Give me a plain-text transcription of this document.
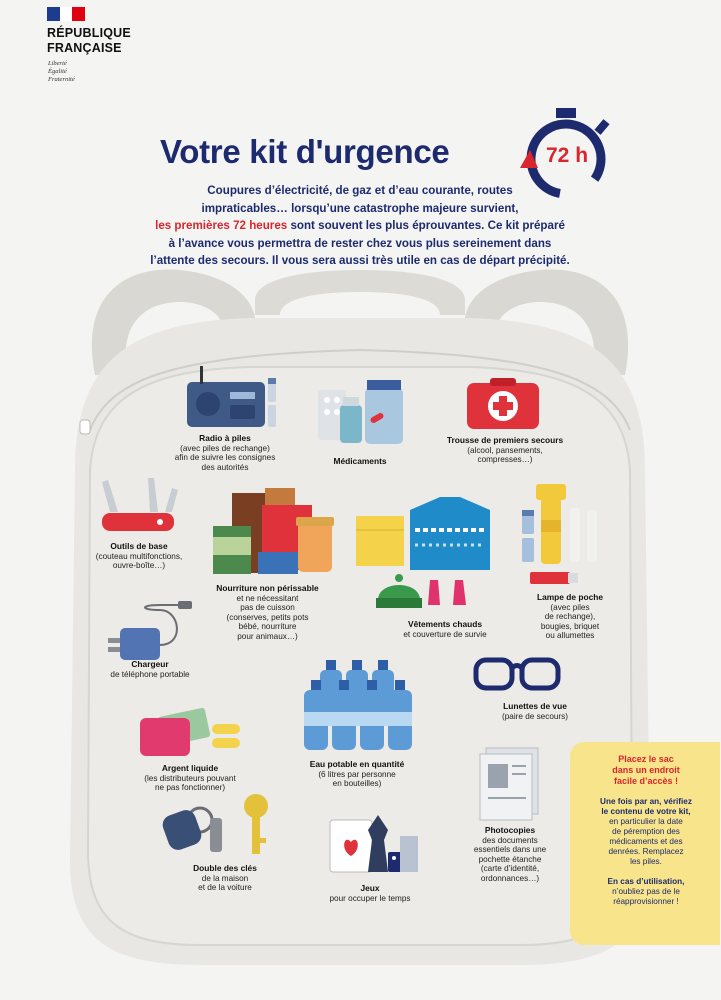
RÉPUBLIQUE
FRANÇAISE
Liberté
Égalité
Fraternité
Votre kit d'urgence	72 h
Coupures d’électricité, de gaz et d’eau courante, routes
impraticables… lorsqu’une catastrophe majeure survient,
les premières 72 heures sont souvent les plus éprouvantes. Ce kit préparé
à l’avance vous permettra de rester chez vous plus sereinement dans
l’attente des secours. Il vous sera aussi très utile en cas de départ précipité.
Radio à piles
(avec piles de rechange)
afin de suivre les consignes
des autorités
Médicaments
Trousse de premiers secours
(alcool, pansements,
compresses…)
Outils de base
(couteau multifonctions,
ouvre-boîte…)
Nourriture non périssable
et ne nécessitant
pas de cuisson
(conserves, petits pots
bébé, nourriture
pour animaux…)
Vêtements chauds
et couverture de survie
Lampe de poche
(avec piles
de rechange),
bougies, briquet
ou allumettes
Chargeur
de téléphone portable
Lunettes de vue
(paire de secours)
Argent liquide
(les distributeurs pouvant
ne pas fonctionner)
Eau potable en quantité
(6 litres par personne
en bouteilles)
Photocopies
des documents
essentiels dans une
pochette étanche
(carte d’identité,
ordonnances…)
Double des clés
de la maison
et de la voiture	Jeux
pour occuper le temps
Placez le sac
dans un endroit
facile d’accès !

Une fois par an, vérifiez
le contenu de votre kit,
en particulier la date
de péremption des
médicaments et des
denrées. Remplacez
les piles.

En cas d’utilisation,
n’oubliez pas de le
réapprovisionner !
